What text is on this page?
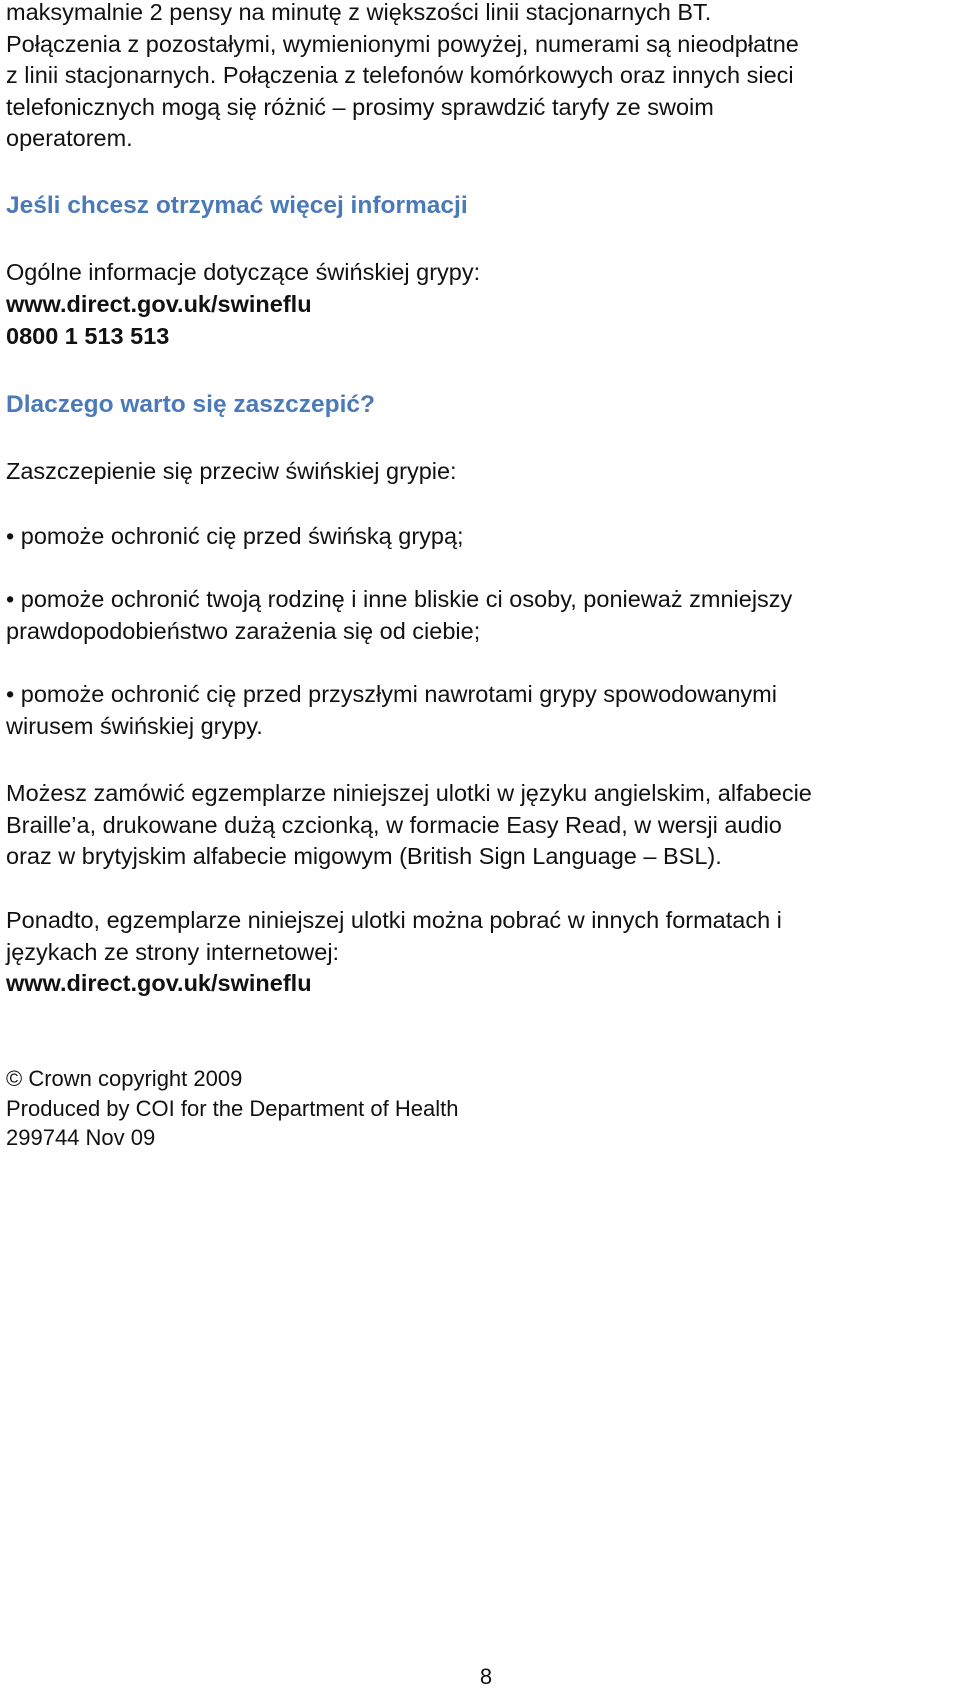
maksymalnie 2 pensy na minutę z większości linii stacjonarnych BT.
Połączenia z pozostałymi, wymienionymi powyżej, numerami są nieodpłatne
z linii stacjonarnych. Połączenia z telefonów komórkowych oraz innych sieci
telefonicznych mogą się różnić – prosimy sprawdzić taryfy ze swoim
operatorem.
Jeśli chcesz otrzymać więcej informacji
Ogólne informacje dotyczące świńskiej grypy:
www.direct.gov.uk/swineflu
0800 1 513 513
Dlaczego warto się zaszczepić?
Zaszczepienie się przeciw świńskiej grypie:
• pomoże ochronić cię przed świńską grypą;
• pomoże ochronić twoją rodzinę i inne bliskie ci osoby, ponieważ zmniejszy
prawdopodobieństwo zarażenia się od ciebie;
• pomoże ochronić cię przed przyszłymi nawrotami grypy spowodowanymi
wirusem świńskiej grypy.
Możesz zamówić egzemplarze niniejszej ulotki w języku angielskim, alfabecie
Braille’a, drukowane dużą czcionką, w formacie Easy Read, w wersji audio
oraz w brytyjskim alfabecie migowym (British Sign Language – BSL).
Ponadto, egzemplarze niniejszej ulotki można pobrać w innych formatach i
językach ze strony internetowej:
www.direct.gov.uk/swineflu
© Crown copyright 2009
Produced by COI for the Department of Health
299744 Nov 09
8
